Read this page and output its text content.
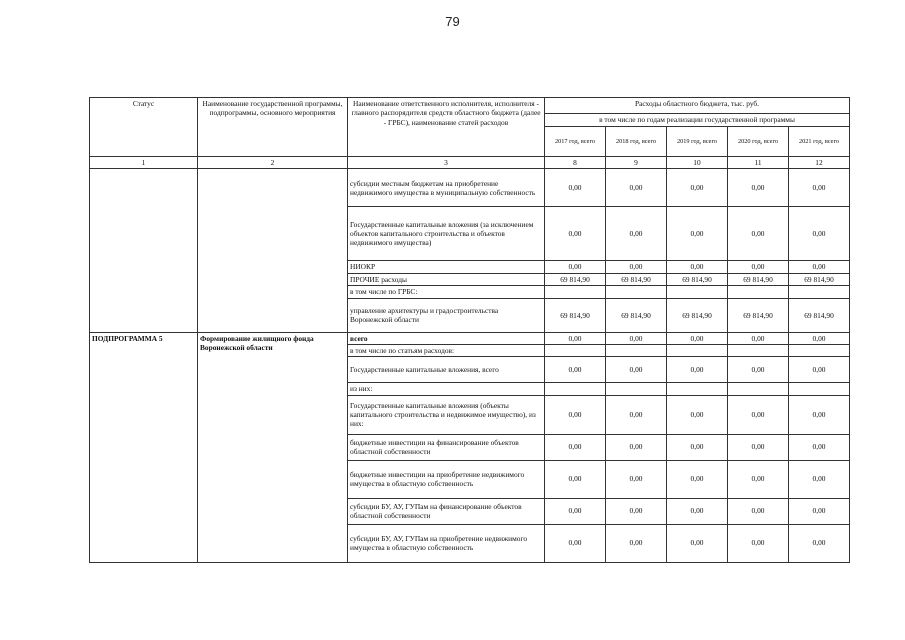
79
Статус	Наименование государственной программы, подпрограммы, основного мероприятия	Наименование ответственного исполнителя, исполнителя - главного распорядителя средств областного бюджета (далее - ГРБС), наименование статей расходов	Расходы областного бюджета, тыс. руб.				
			в том числе по годам реализации государственной программы				
			2017 год, всего	2018 год, всего	2019 год, всего	2020 год, всего	2021 год, всего
1	2	3	8	9	10	11	12
		субсидии местным бюджетам на приобретение недвижимого имущества в муниципальную собственность	0,00	0,00	0,00	0,00	0,00
		Государственные капитальные вложения (за исключением объектов капитального строительства и объектов недвижимого имущества)	0,00	0,00	0,00	0,00	0,00
		НИОКР	0,00	0,00	0,00	0,00	0,00
		ПРОЧИЕ расходы	69 814,90	69 814,90	69 814,90	69 814,90	69 814,90
		в том числе по ГРБС:					
		управление архитектуры и градостроительства Воронежской области	69 814,90	69 814,90	69 814,90	69 814,90	69 814,90
ПОДПРОГРАММА 5	Формирование жилищного фонда Воронежской области	всего	0,00	0,00	0,00	0,00	0,00
		в том числе по статьям расходов:					
		Государственные капитальные вложения, всего	0,00	0,00	0,00	0,00	0,00
		из них:					
		Государственные капитальные вложения (объекты капитального строительства и недвижимое имущество), из них:	0,00	0,00	0,00	0,00	0,00
		бюджетные инвестиции на финансирование объектов областной собственности	0,00	0,00	0,00	0,00	0,00
		бюджетные инвестиции на приобретение недвижимого имущества в областную собственность	0,00	0,00	0,00	0,00	0,00
		субсидии БУ, АУ, ГУПам на финансирование объектов областной собственности	0,00	0,00	0,00	0,00	0,00
		субсидии БУ, АУ, ГУПам на приобретение недвижимого имущества в областную собственность	0,00	0,00	0,00	0,00	0,00
